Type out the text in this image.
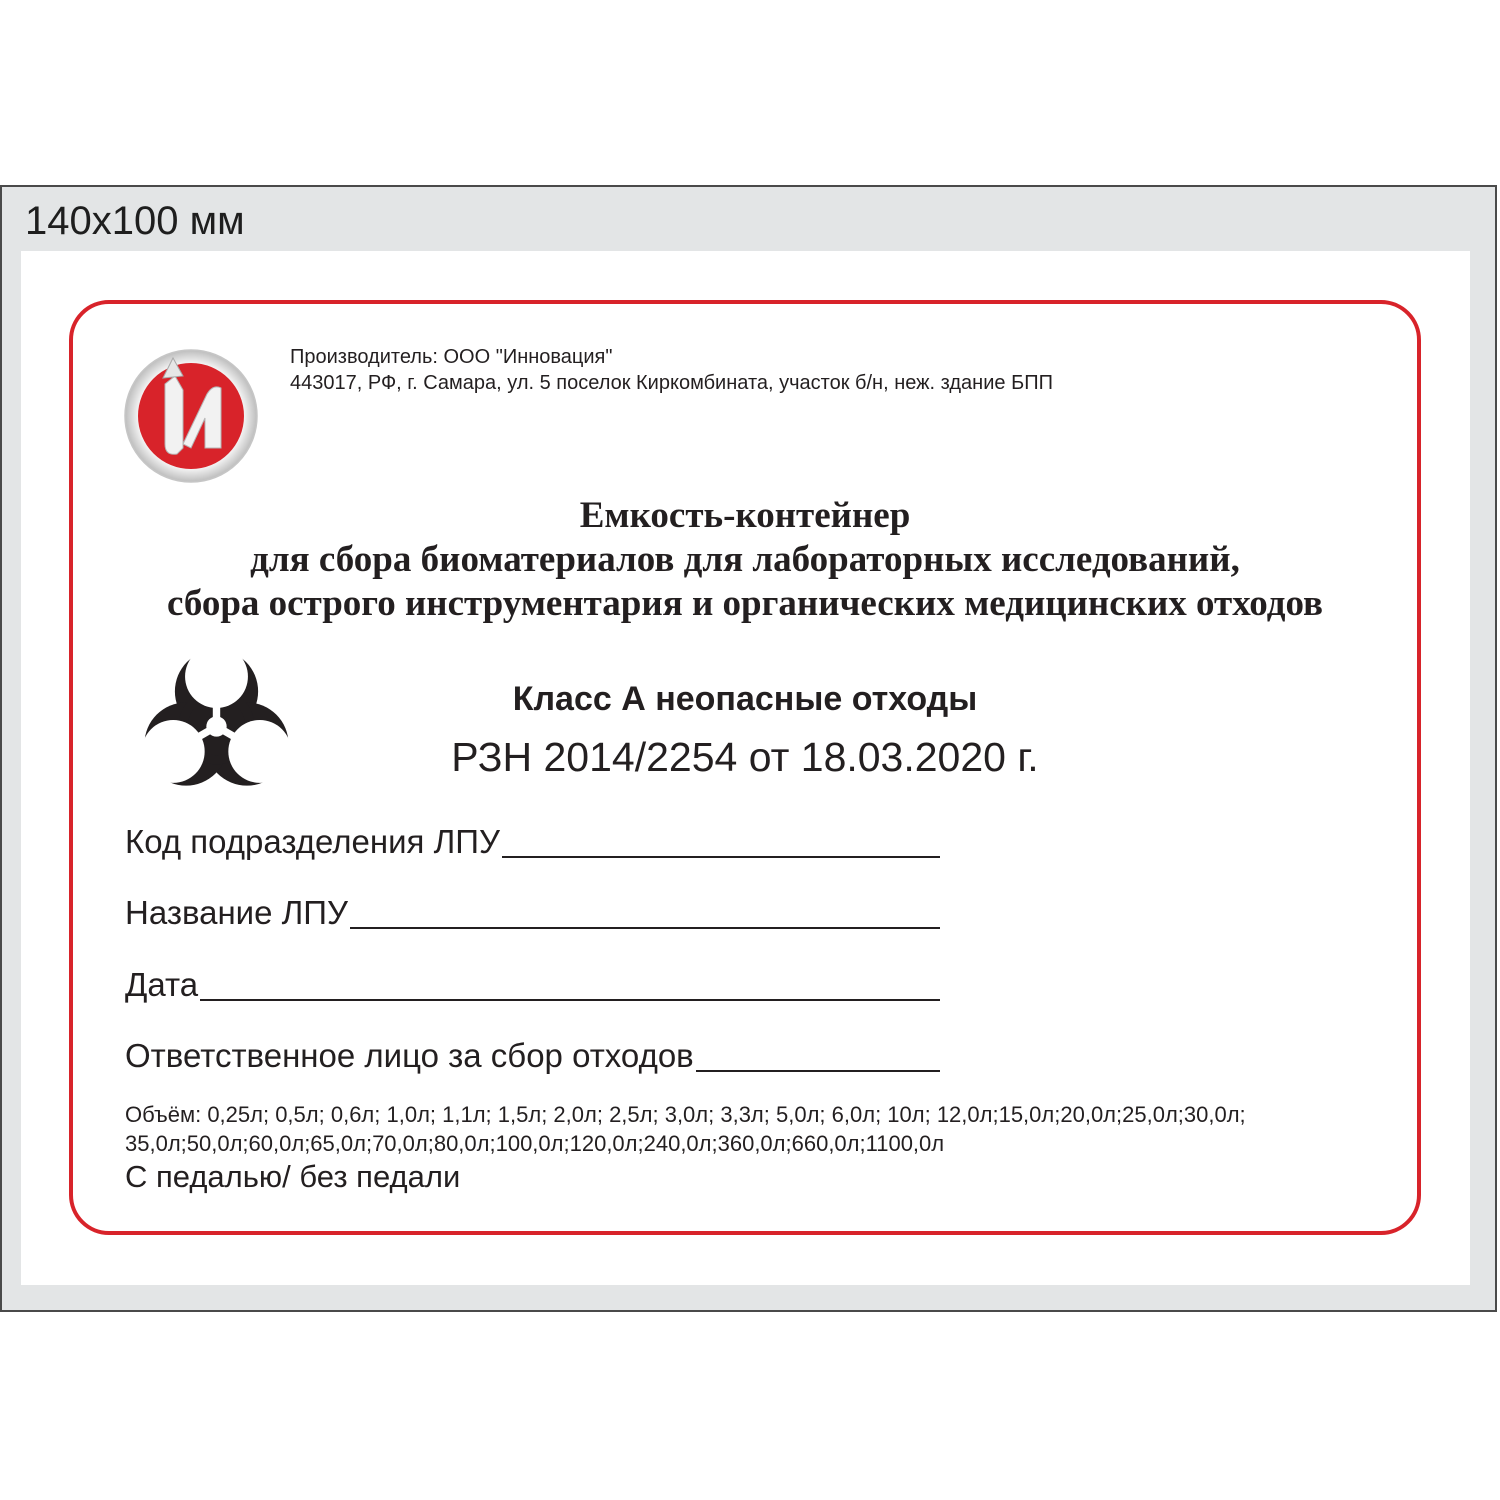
140x100 мм
Производитель: ООО "Инновация"
443017, РФ, г. Самара, ул. 5 поселок Киркомбината, участок б/н, неж. здание БПП
Емкость-контейнер
для сбора биоматериалов для лабораторных исследований,
сбора острого инструментария и органических медицинских отходов
Класс А неопасные отходы
РЗН 2014/2254 от 18.03.2020 г.
Код подразделения ЛПУ
Название ЛПУ
Дата
Ответственное лицо за сбор отходов
Объём: 0,25л; 0,5л; 0,6л; 1,0л; 1,1л; 1,5л; 2,0л; 2,5л; 3,0л; 3,3л; 5,0л; 6,0л; 10л; 12,0л;15,0л;20,0л;25,0л;30,0л;
35,0л;50,0л;60,0л;65,0л;70,0л;80,0л;100,0л;120,0л;240,0л;360,0л;660,0л;1100,0л
С педалью/ без педали
